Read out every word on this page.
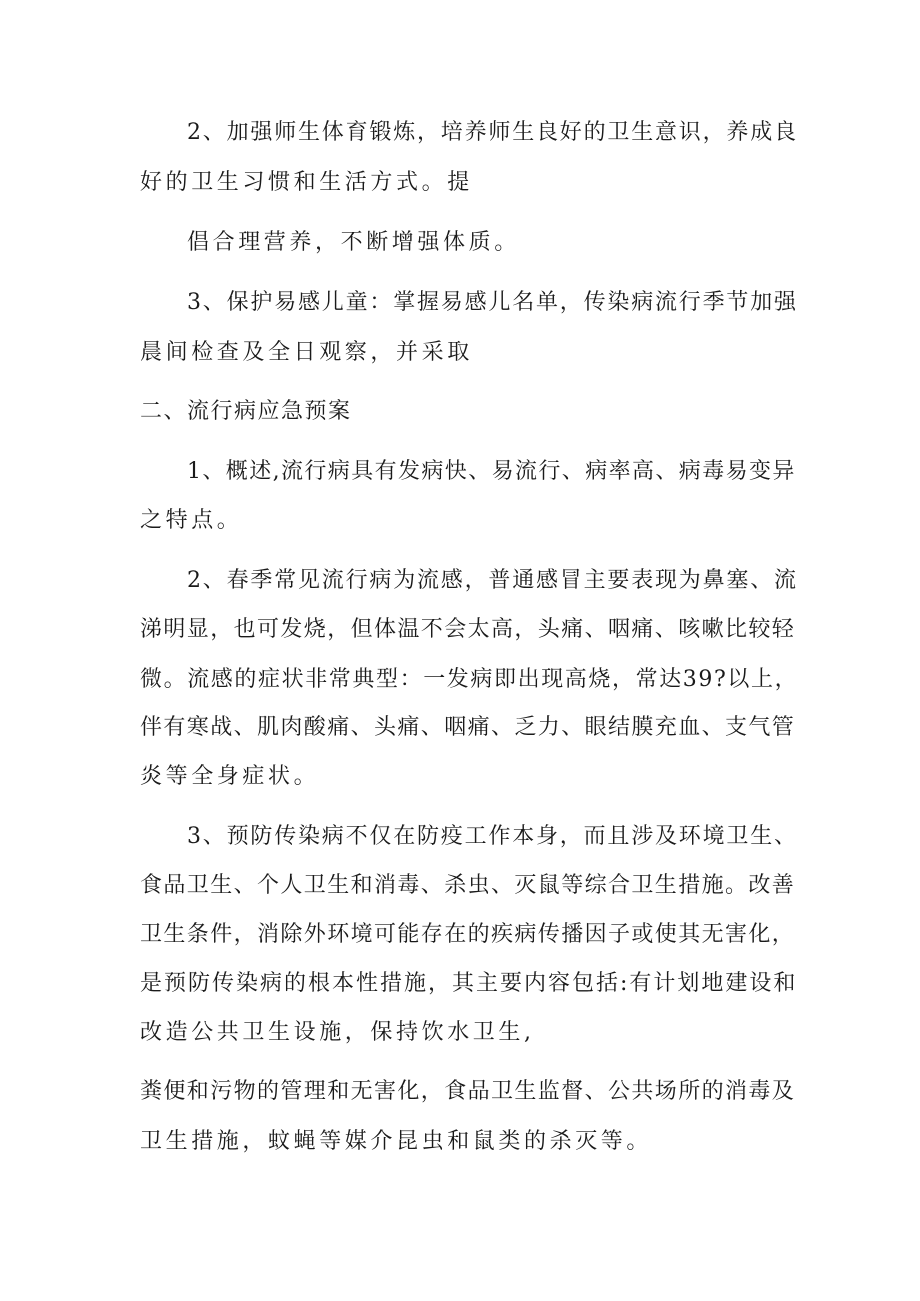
2、加强师生体育锻炼，培养师生良好的卫生意识，养成良
好的卫生习惯和生活方式。提
倡合理营养，不断增强体质。
3、保护易感儿童：掌握易感儿名单，传染病流行季节加强
晨间检查及全日观察，并采取
二、流行病应急预案
1、概述,流行病具有发病快、易流行、病率高、病毒易变异
之特点。
2、春季常见流行病为流感，普通感冒主要表现为鼻塞、流
涕明显，也可发烧，但体温不会太高，头痛、咽痛、咳嗽比较轻
微。流感的症状非常典型：一发病即出现高烧，常达39?以上，
伴有寒战、肌肉酸痛、头痛、咽痛、乏力、眼结膜充血、支气管
炎等全身症状。
3、预防传染病不仅在防疫工作本身，而且涉及环境卫生、
食品卫生、个人卫生和消毒、杀虫、灭鼠等综合卫生措施。改善
卫生条件，消除外环境可能存在的疾病传播因子或使其无害化，
是预防传染病的根本性措施，其主要内容包括:有计划地建设和
改造公共卫生设施，保持饮水卫生,
粪便和污物的管理和无害化，食品卫生监督、公共场所的消毒及
卫生措施，蚊蝇等媒介昆虫和鼠类的杀灭等。
